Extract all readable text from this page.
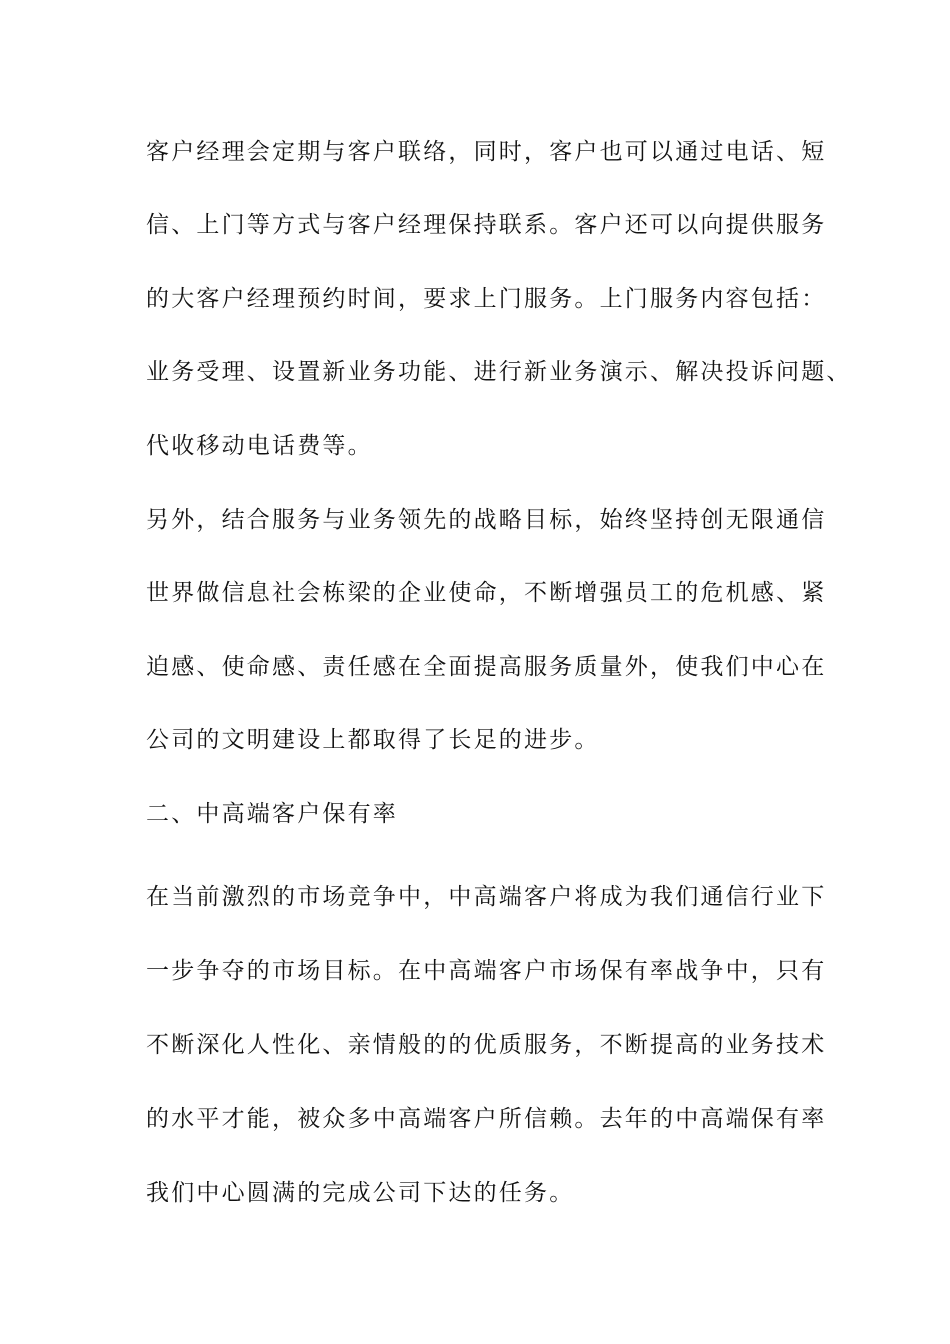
客户经理会定期与客户联络，同时，客户也可以通过电话、短
信、上门等方式与客户经理保持联系。客户还可以向提供服务
的大客户经理预约时间，要求上门服务。上门服务内容包括：
业务受理、设置新业务功能、进行新业务演示、解决投诉问题、
代收移动电话费等。
另外，结合服务与业务领先的战略目标，始终坚持创无限通信
世界做信息社会栋梁的企业使命，不断增强员工的危机感、紧
迫感、使命感、责任感在全面提高服务质量外，使我们中心在
公司的文明建设上都取得了长足的进步。
二、中高端客户保有率
在当前激烈的市场竞争中，中高端客户将成为我们通信行业下
一步争夺的市场目标。在中高端客户市场保有率战争中，只有
不断深化人性化、亲情般的的优质服务，不断提高的业务技术
的水平才能，被众多中高端客户所信赖。去年的中高端保有率
我们中心圆满的完成公司下达的任务。
